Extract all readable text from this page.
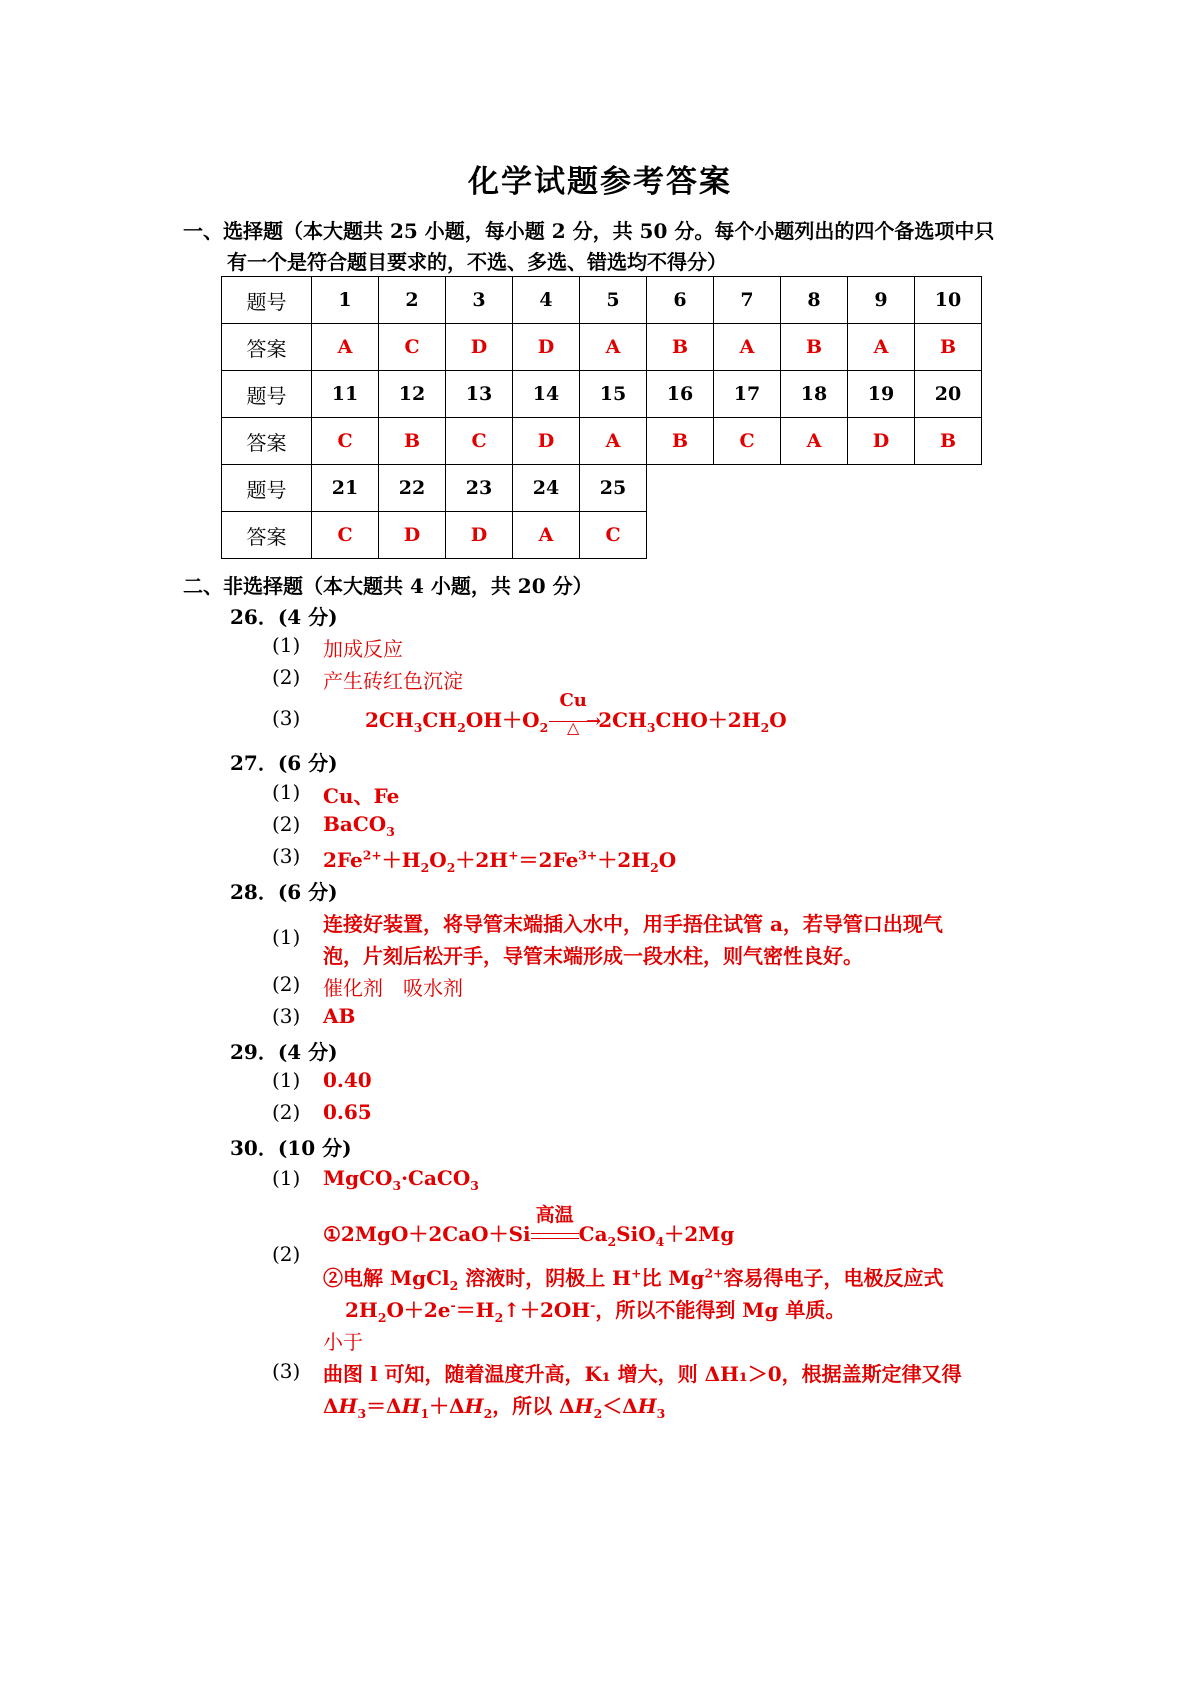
化学试题参考答案
一、选择题（本大题共 25 小题，每小题 2 分，共 50 分。每个小题列出的四个备选项中只
有一个是符合题目要求的，不选、多选、错选均不得分）
题号	1	2	3	4	5	6	7	8	9	10
答案	A	C	D	D	A	B	A	B	A	B
题号	11	12	13	14	15	16	17	18	19	20
答案	C	B	C	D	A	B	C	A	D	B
题号	21	22	23	24	25					
答案	C	D	D	A	C					
二、非选择题（本大题共 4 小题，共 20 分）
26．(4 分)
(1) 加成反应
(2) 产生砖红色沉淀
(3)	$2CH_3CH_2OH+O_2$
Cu
→
△ $2CH_3CHO+2H_2O$
27．(6 分)
(1) Cu、Fe
(2) BaCO$_3$
(3) $2Fe^{2+}+H_2O_2+2H^+=2Fe^{3+}+2H_2O$
28．(6 分)
(1)
连接好装置，将导管末端插入水中，用手捂住试管 a，若导管口出现气
泡，片刻后松开手，导管末端形成一段水柱，则气密性良好。
(2) 催化剂　吸水剂
(3) AB
29．(4 分)
(1) 0.40
(2) 0.65
30．(10 分)
(1) MgCO$_3$·CaCO$_3$
(2)
①2MgO＋2CaO＋Si
高温
$Ca_2SiO_4+2Mg$
②电解 MgCl$_2$ 溶液时，阴极上 H+比 $Mg^{2+}$容易得电子，电极反应式
$2H_2O+2e^-=H_2↑+2OH^-$，所以不能得到 Mg 单质。
(3)
小于
曲图 l 可知，随着温度升高，K₁ 增大，则 ΔH₁＞0，根据盖斯定律又得
$\Delta H_3=\Delta H_1+\Delta H_2$，所以 $\Delta H_2<\Delta H_3$
